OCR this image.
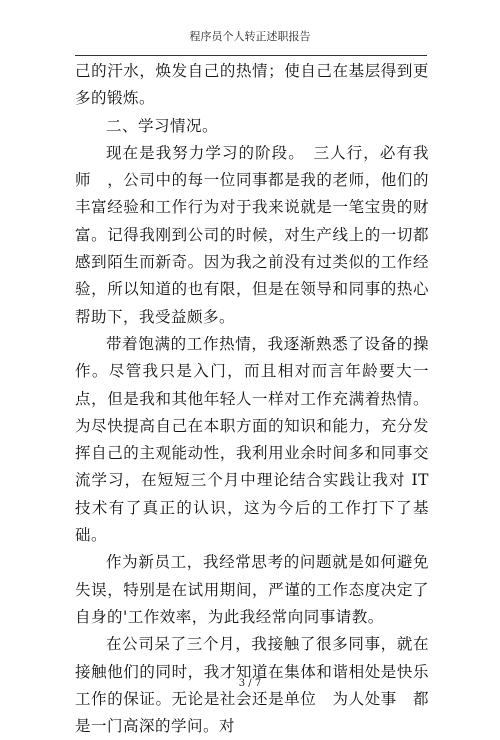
程序员个人转正述职报告

己的汗水，焕发自己的热情；使自己在基层得到更多的锻炼。

二、学习情况。

现在是我努力学习的阶段。　三人行，必有我师　，公司中的每一位同事都是我的老师，他们的丰富经验和工作行为对于我来说就是一笔宝贵的财富。记得我刚到公司的时候，对生产线上的一切都感到陌生而新奇。因为我之前没有过类似的工作经验，所以知道的也有限，但是在领导和同事的热心帮助下，我受益颇多。

带着饱满的工作热情，我逐渐熟悉了设备的操作。尽管我只是入门，而且相对而言年龄要大一点，但是我和其他年轻人一样对工作充满着热情。为尽快提高自己在本职方面的知识和能力，充分发挥自己的主观能动性，我利用业余时间多和同事交流学习，在短短三个月中理论结合实践让我对 IT 技术有了真正的认识，这为今后的工作打下了基础。

作为新员工，我经常思考的问题就是如何避免失误，特别是在试用期间，严谨的工作态度决定了自身的'工作效率，为此我经常向同事请教。

在公司呆了三个月，我接触了很多同事，就在接触他们的同时，我才知道在集体和谐相处是快乐工作的保证。无论是社会还是单位　为人处事　都是一门高深的学问。对

3 / 7
